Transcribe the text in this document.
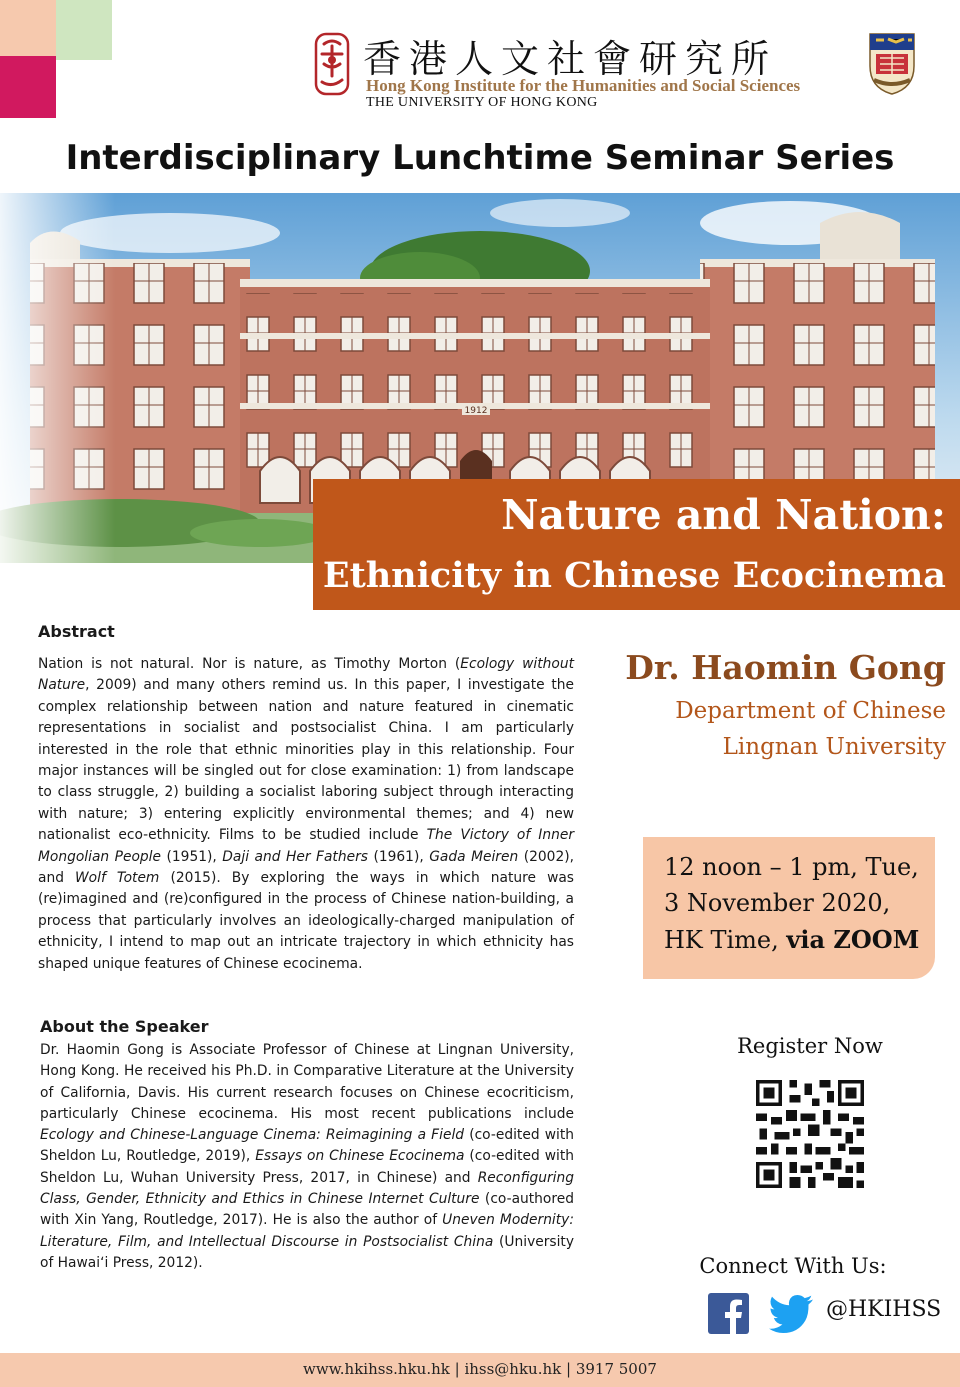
香港人文社會研究所
Hong Kong Institute for the Humanities and Social Sciences
THE UNIVERSITY OF HONG KONG
Interdisciplinary Lunchtime Seminar Series
Nature and Nation:
Ethnicity in Chinese Ecocinema
Abstract

Nation is not natural. Nor is nature, as Timothy Morton (Ecology without Nature, 2009) and many others remind us. In this paper, I investigate the complex relationship between nation and nature featured in cinematic representations in socialist and postsocialist China. I am particularly interested in the role that ethnic minorities play in this relationship. Four major instances will be singled out for close examination: 1) from landscape to class struggle, 2) building a socialist laboring subject through interacting with nature; 3) entering explicitly environmental themes; and 4) new nationalist eco-ethnicity. Films to be studied include The Victory of Inner Mongolian People (1951), Daji and Her Fathers (1961), Gada Meiren (2002), and Wolf Totem (2015). By exploring the ways in which nature was (re)imagined and (re)configured in the process of Chinese nation-building, a process that particularly involves an ideologically-charged manipulation of ethnicity, I intend to map out an intricate trajectory in which ethnicity has shaped unique features of Chinese ecocinema.

Dr. Haomin Gong
Department of Chinese
Lingnan University
12 noon – 1 pm, Tue,
3 November 2020,
HK Time, via ZOOM
About the Speaker

Dr. Haomin Gong is Associate Professor of Chinese at Lingnan University, Hong Kong. He received his Ph.D. in Comparative Literature at the University of California, Davis. His current research focuses on Chinese ecocriticism, particularly Chinese ecocinema. His most recent publications include Ecology and Chinese-Language Cinema: Reimagining a Field (co-edited with Sheldon Lu, Routledge, 2019), Essays on Chinese Ecocinema (co-edited with Sheldon Lu, Wuhan University Press, 2017, in Chinese) and Reconfiguring Class, Gender, Ethnicity and Ethics in Chinese Internet Culture (co-authored with Xin Yang, Routledge, 2017). He is also the author of Uneven Modernity: Literature, Film, and Intellectual Discourse in Postsocialist China (University of Hawaiʻi Press, 2012).

Register Now
Connect With Us:
@HKIHSS
www.hkihss.hku.hk | ihss@hku.hk | 3917 5007
